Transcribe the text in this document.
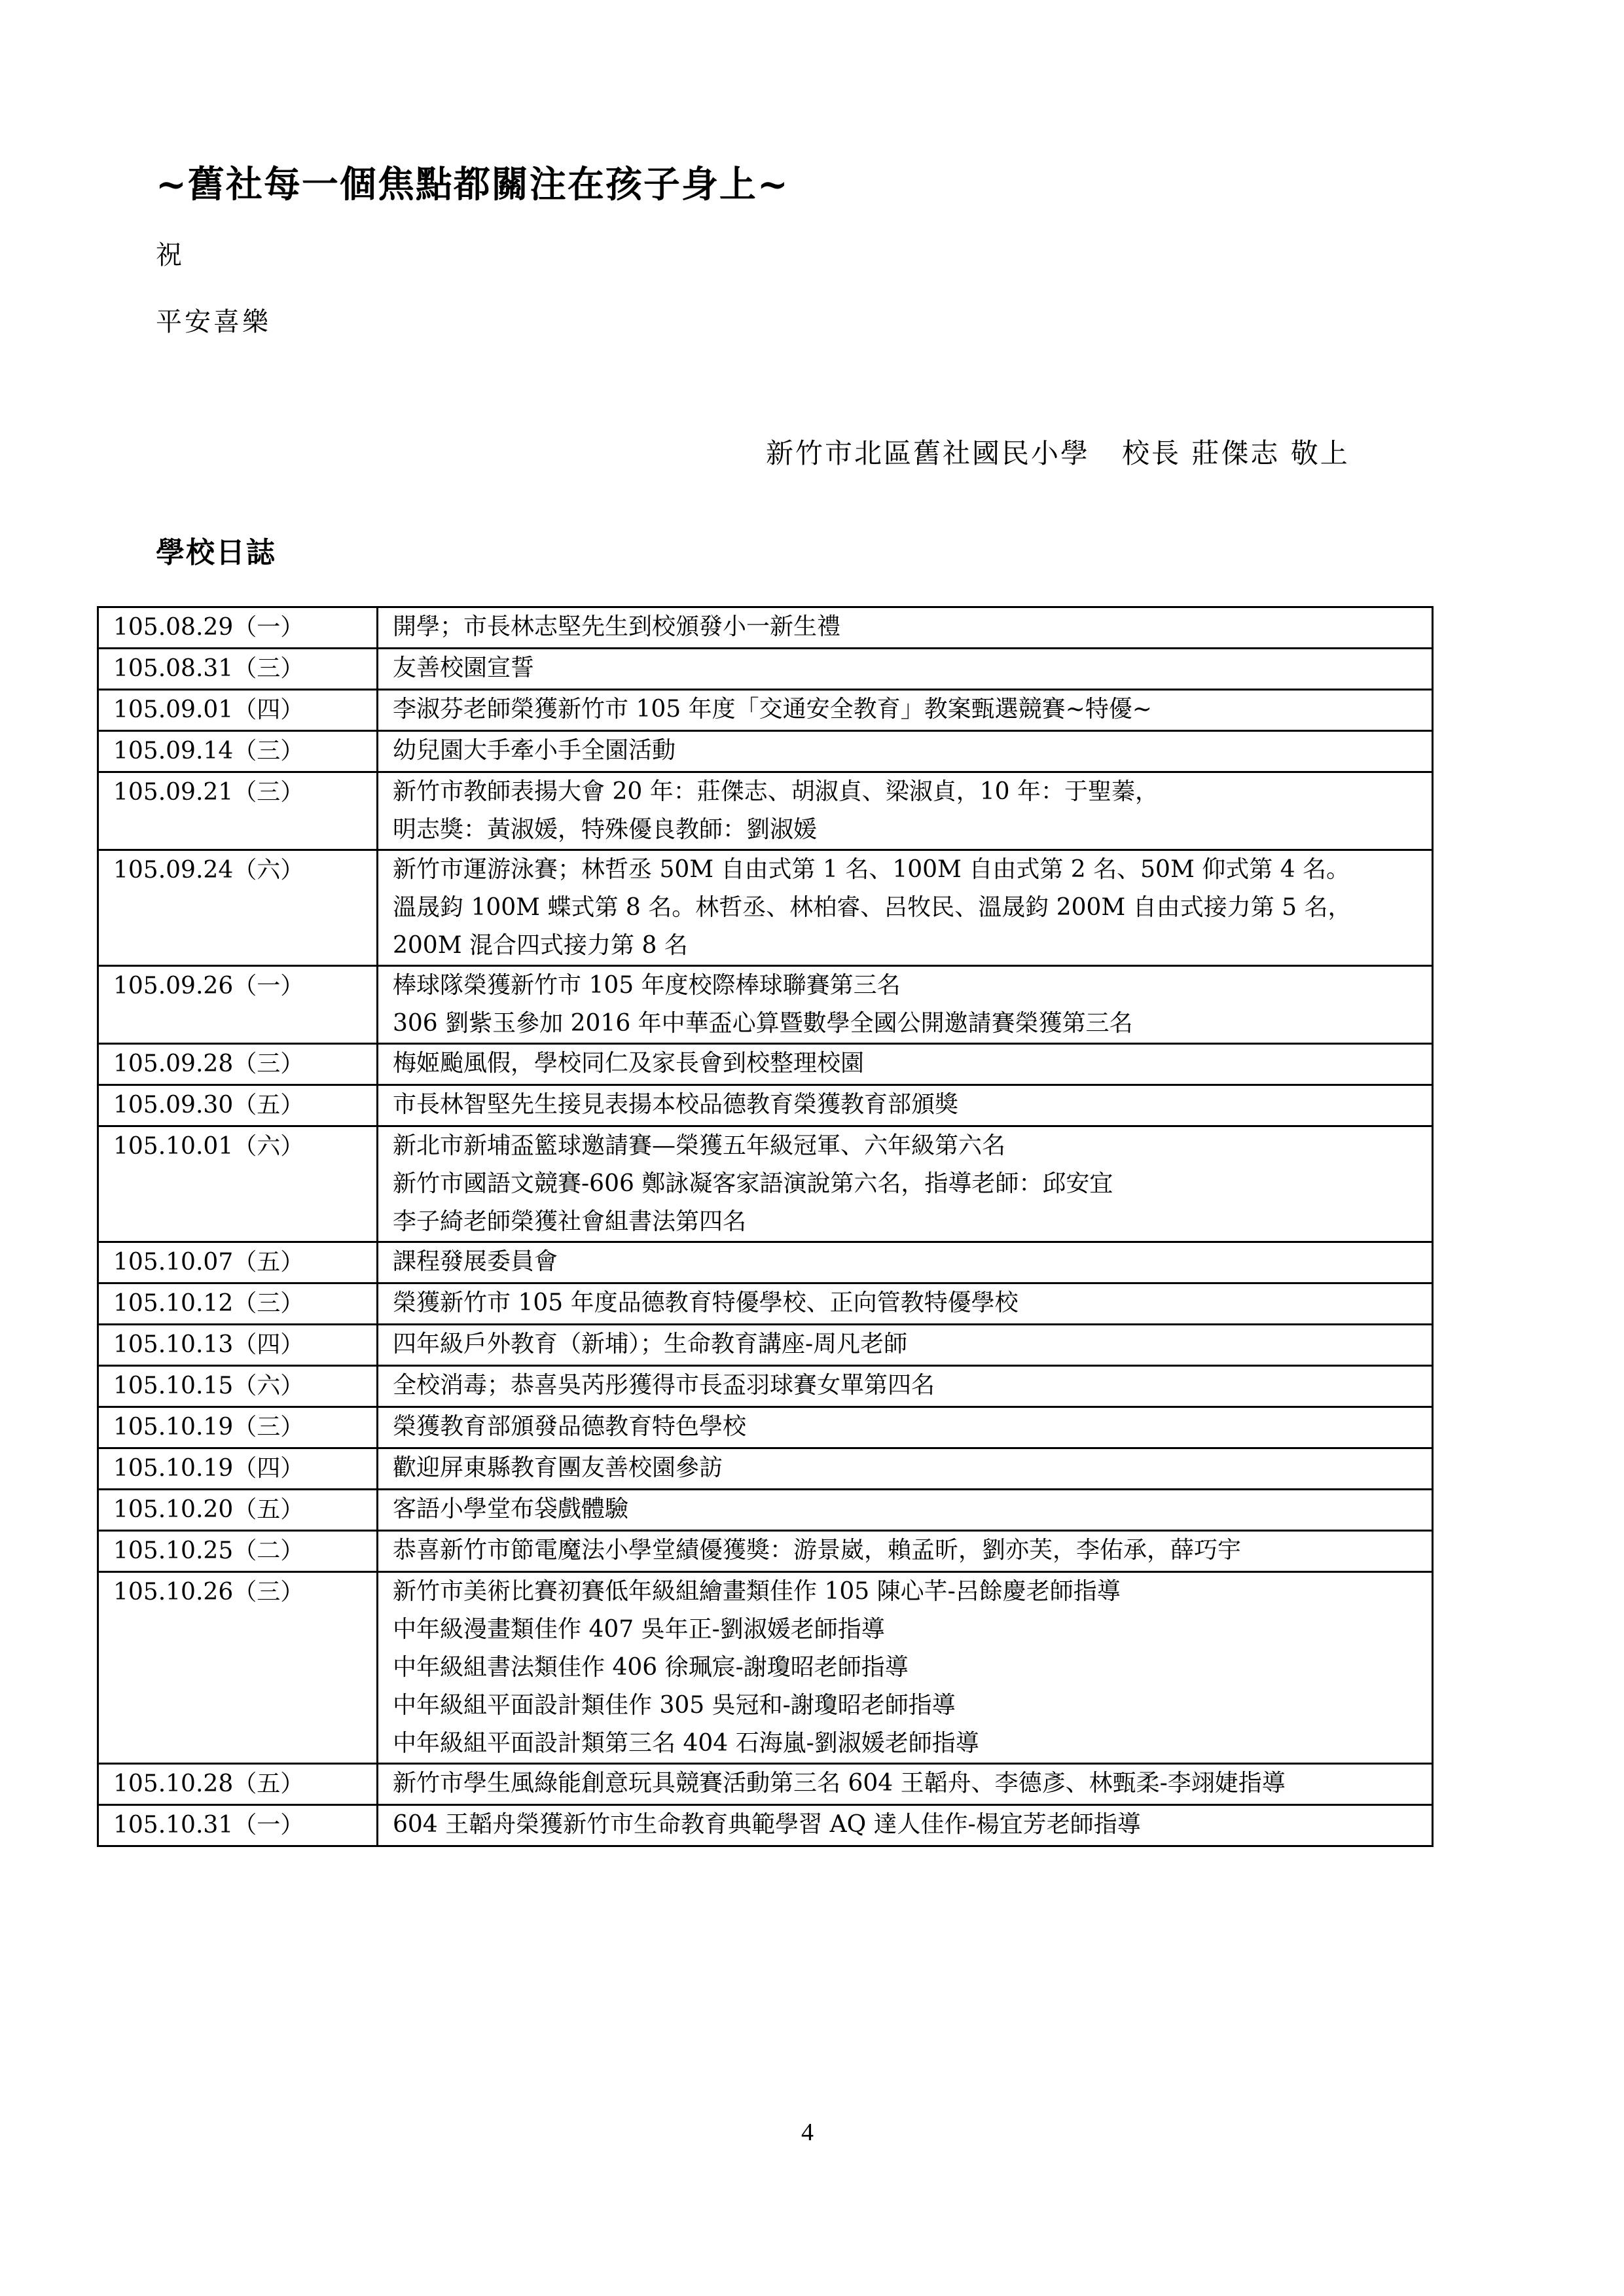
~舊社每一個焦點都關注在孩子身上~
祝
平安喜樂
新竹市北區舊社國民小學   校長 莊傑志 敬上
學校日誌
105.08.29（一）	開學；市長林志堅先生到校頒發小一新生禮

105.08.31（三）	友善校園宣誓

105.09.01（四）	李淑芬老師榮獲新竹市 105 年度「交通安全教育」教案甄選競賽~特優~

105.09.14（三）	幼兒園大手牽小手全園活動

105.09.21（三）	新竹市教師表揚大會 20 年：莊傑志、胡淑貞、梁淑貞，10 年：于聖蓁，
明志獎：黃淑媛，特殊優良教師：劉淑媛

105.09.24（六）	新竹市運游泳賽；林哲丞 50M 自由式第 1 名、100M 自由式第 2 名、50M 仰式第 4 名。
溫晟鈞 100M 蝶式第 8 名。林哲丞、林柏睿、呂牧民、溫晟鈞 200M 自由式接力第 5 名，
200M 混合四式接力第 8 名

105.09.26（一）	棒球隊榮獲新竹市 105 年度校際棒球聯賽第三名
306 劉紫玉參加 2016 年中華盃心算暨數學全國公開邀請賽榮獲第三名

105.09.28（三）	梅姬颱風假，學校同仁及家長會到校整理校園

105.09.30（五）	市長林智堅先生接見表揚本校品德教育榮獲教育部頒獎

105.10.01（六）	新北市新埔盃籃球邀請賽—榮獲五年級冠軍、六年級第六名
新竹市國語文競賽-606 鄭詠凝客家語演說第六名，指導老師：邱安宜
李子綺老師榮獲社會組書法第四名

105.10.07（五）	課程發展委員會

105.10.12（三）	榮獲新竹市 105 年度品德教育特優學校、正向管教特優學校

105.10.13（四）	四年級戶外教育（新埔）；生命教育講座-周凡老師

105.10.15（六）	全校消毒；恭喜吳芮彤獲得市長盃羽球賽女單第四名

105.10.19（三）	榮獲教育部頒發品德教育特色學校

105.10.19（四）	歡迎屏東縣教育團友善校園參訪

105.10.20（五）	客語小學堂布袋戲體驗

105.10.25（二）	恭喜新竹市節電魔法小學堂績優獲獎：游景崴，賴孟昕，劉亦芙，李佑承，薛巧宇

105.10.26（三）	新竹市美術比賽初賽低年級組繪畫類佳作 105 陳心芊-呂餘慶老師指導
中年級漫畫類佳作 407 吳年正-劉淑媛老師指導
中年級組書法類佳作 406 徐珮宸-謝瓊昭老師指導
中年級組平面設計類佳作 305 吳冠和-謝瓊昭老師指導
中年級組平面設計類第三名 404 石海嵐-劉淑媛老師指導

105.10.28（五）	新竹市學生風綠能創意玩具競賽活動第三名 604 王韜舟、李德彥、林甄柔-李翊婕指導

105.10.31（一）	604 王韜舟榮獲新竹市生命教育典範學習 AQ 達人佳作-楊宜芳老師指導
4
